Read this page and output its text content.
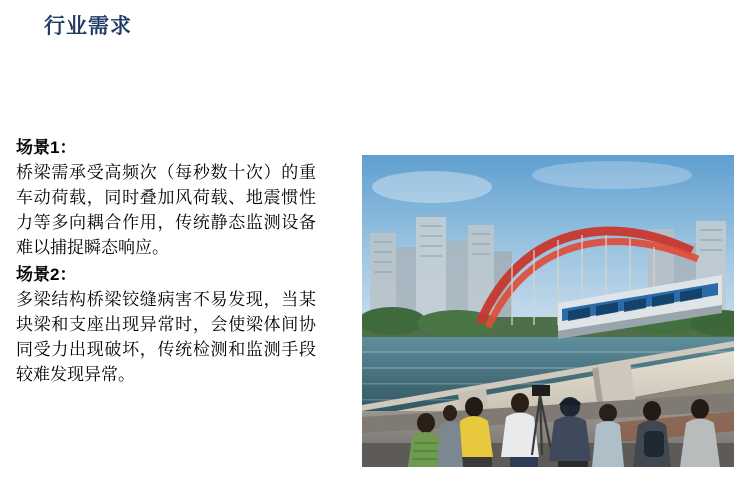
行业需求
场景1：
桥梁需承受高频次（每秒数十次）的重车动荷载，同时叠加风荷载、地震惯性力等多向耦合作用，传统静态监测设备难以捕捉瞬态响应。
场景2：
多梁结构桥梁铰缝病害不易发现，当某块梁和支座出现异常时，会使梁体间协同受力出现破坏，传统检测和监测手段较难发现异常。
